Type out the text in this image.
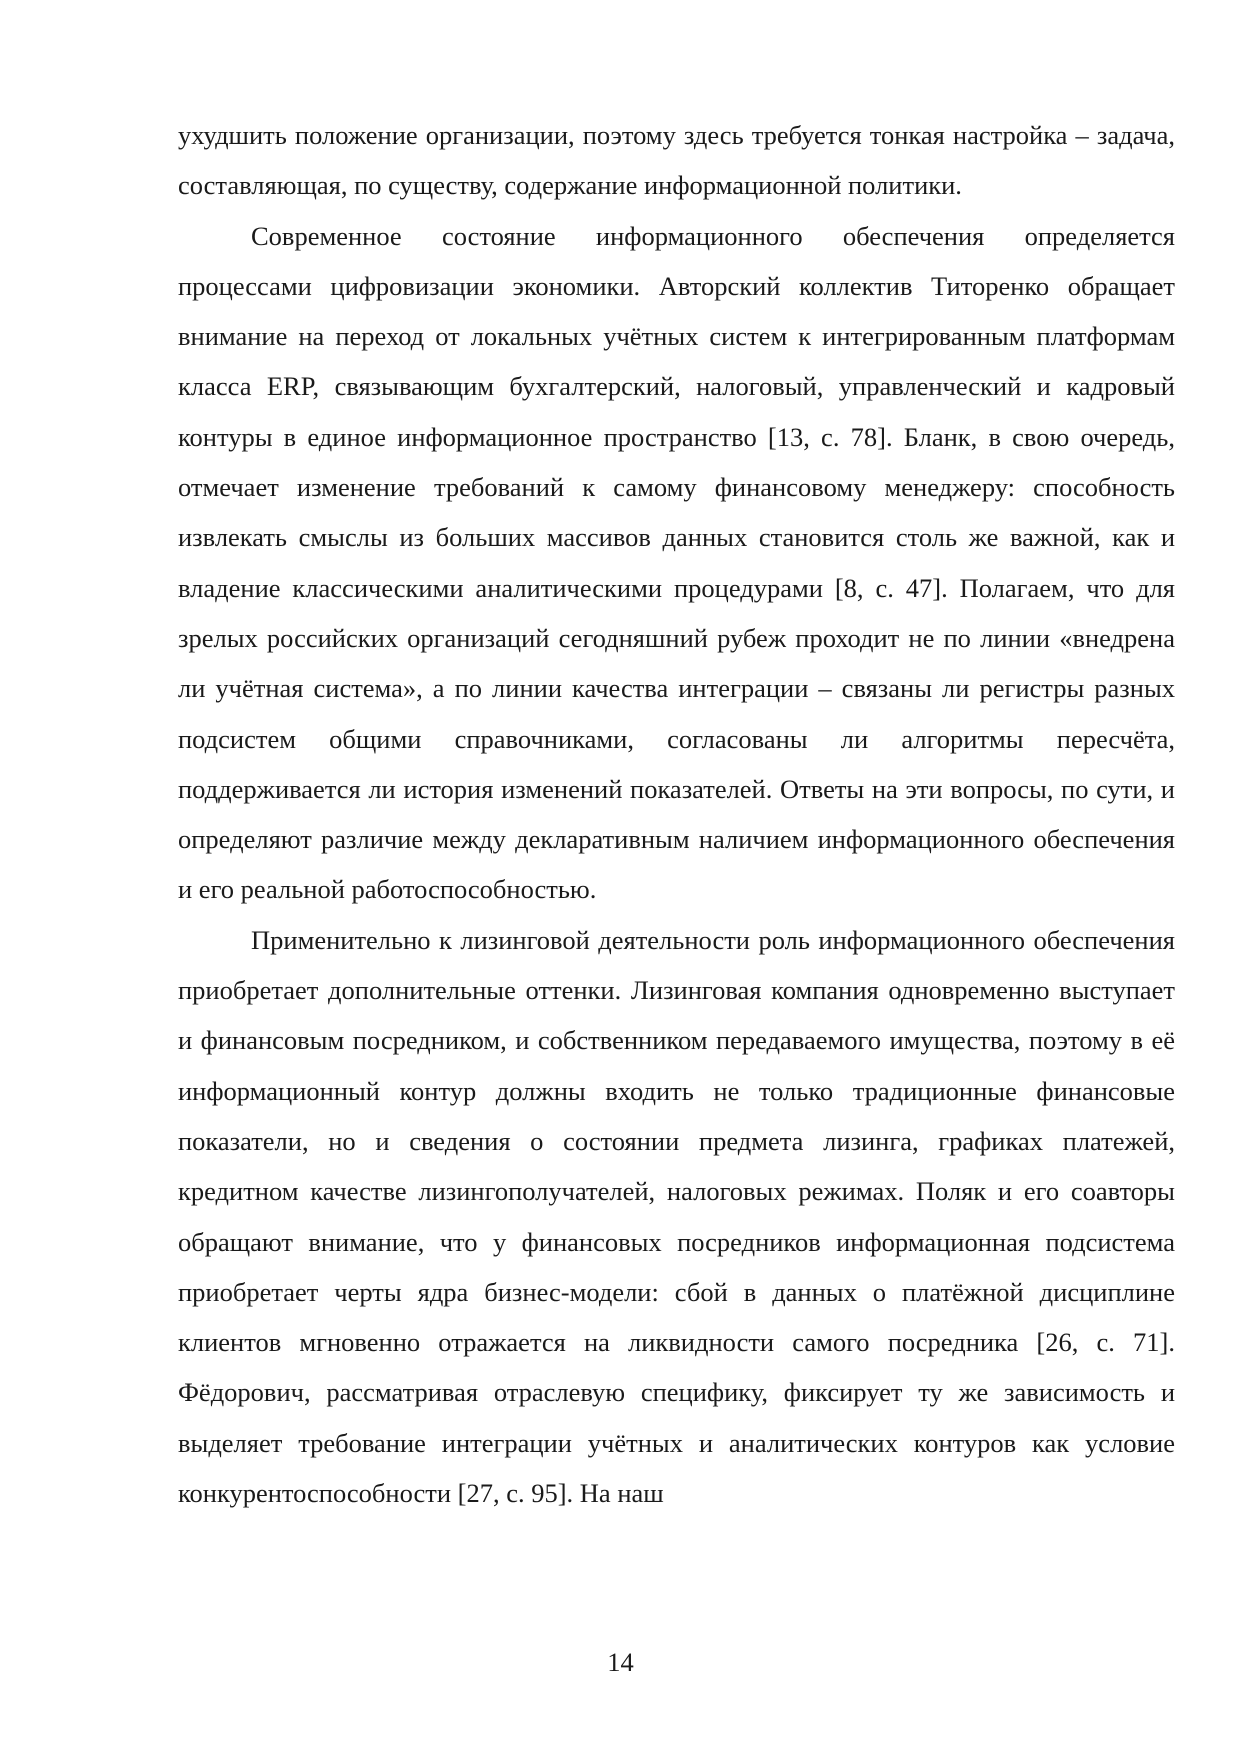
ухудшить положение организации, поэтому здесь требуется тонкая настройка – задача, составляющая, по существу, содержание информационной политики.

Современное состояние информационного обеспечения определяется процессами цифровизации экономики. Авторский коллектив Титоренко обращает внимание на переход от локальных учётных систем к интегрированным платформам класса ERP, связывающим бухгалтерский, налоговый, управленческий и кадровый контуры в единое информационное пространство [13, с. 78]. Бланк, в свою очередь, отмечает изменение требований к самому финансовому менеджеру: способность извлекать смыслы из больших массивов данных становится столь же важной, как и владение классическими аналитическими процедурами [8, с. 47]. Полагаем, что для зрелых российских организаций сегодняшний рубеж проходит не по линии «внедрена ли учётная система», а по линии качества интеграции – связаны ли регистры разных подсистем общими справочниками, согласованы ли алгоритмы пересчёта, поддерживается ли история изменений показателей. Ответы на эти вопросы, по сути, и определяют различие между декларативным наличием информационного обеспечения и его реальной работоспособностью.

Применительно к лизинговой деятельности роль информационного обеспечения приобретает дополнительные оттенки. Лизинговая компания одновременно выступает и финансовым посредником, и собственником передаваемого имущества, поэтому в её информационный контур должны входить не только традиционные финансовые показатели, но и сведения о состоянии предмета лизинга, графиках платежей, кредитном качестве лизингополучателей, налоговых режимах. Поляк и его соавторы обращают внимание, что у финансовых посредников информационная подсистема приобретает черты ядра бизнес-модели: сбой в данных о платёжной дисциплине клиентов мгновенно отражается на ликвидности самого посредника [26, с. 71]. Фёдорович, рассматривая отраслевую специфику, фиксирует ту же зависимость и выделяет требование интеграции учётных и аналитических контуров как условие конкурентоспособности [27, с. 95]. На наш

14
